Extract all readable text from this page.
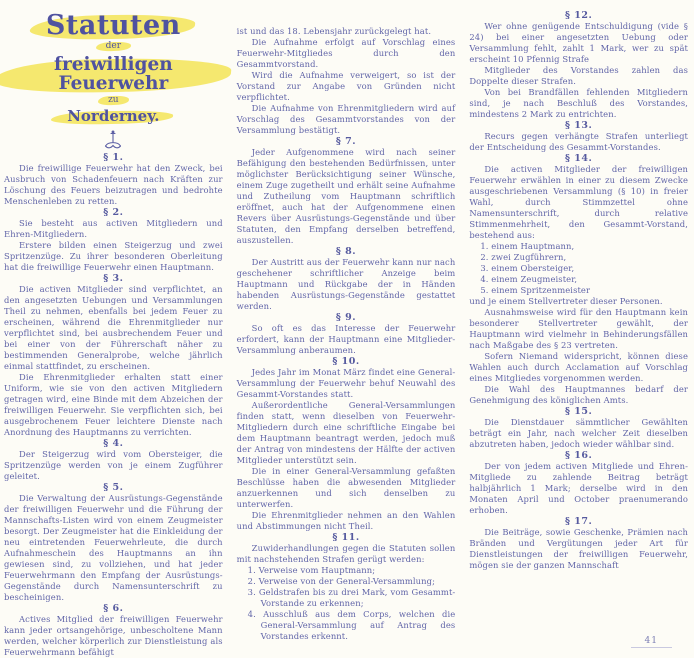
Statuten
der
freiwilligen Feuerwehr
zu
Norderney.
§ 1.

Die freiwillige Feuerwehr hat den Zweck, bei Ausbruch von Schadenfeuern nach Kräften zur Löschung des Feuers beizutragen und bedrohte Menschenleben zu retten.

§ 2.

Sie besteht aus activen Mitgliedern und Ehren-Mitgliedern.

Erstere bilden einen Steigerzug und zwei Spritzenzüge. Zu ihrer besonderen Oberleitung hat die freiwillige Feuerwehr einen Hauptmann.

§ 3.

Die activen Mitglieder sind verpflichtet, an den angesetzten Uebungen und Versammlungen Theil zu nehmen, ebenfalls bei jedem Feuer zu erscheinen, während die Ehrenmitglieder nur verpflichtet sind, bei ausbrechendem Feuer und bei einer von der Führerschaft näher zu bestimmenden Generalprobe, welche jährlich einmal stattfindet, zu erscheinen.

Die Ehrenmitglieder erhalten statt einer Uniform, wie sie von den activen Mitgliedern getragen wird, eine Binde mit dem Abzeichen der freiwilligen Feuerwehr. Sie verpflichten sich, bei ausgebrochenem Feuer leichtere Dienste nach Anordnung des Hauptmanns zu verrichten.

§ 4.

Der Steigerzug wird vom Obersteiger, die Spritzenzüge werden von je einem Zugführer geleitet.

§ 5.

Die Verwaltung der Ausrüstungs-Gegenstände der freiwilligen Feuerwehr und die Führung der Mannschafts-Listen wird von einem Zeugmeister besorgt. Der Zeugmeister hat die Einkleidung der neu eintretenden Feuerwehrleute, die durch Aufnahmeschein des Hauptmanns an ihn gewiesen sind, zu vollziehen, und hat jeder Feuerwehrmann den Empfang der Ausrüstungs-Gegenstände durch Namensunterschrift zu bescheinigen.

§ 6.

Actives Mitglied der freiwilligen Feuerwehr kann jeder ortsangehörige, unbescholtene Mann werden, welcher körperlich zur Dienstleistung als Feuerwehrmann befähigt

ist und das 18. Lebensjahr zurückgelegt hat.

Die Aufnahme erfolgt auf Vorschlag eines Feuerwehr-Mitgliedes durch den Gesammtvorstand.

Wird die Aufnahme verweigert, so ist der Vorstand zur Angabe von Gründen nicht verpflichtet.

Die Aufnahme von Ehrenmitgliedern wird auf Vorschlag des Gesammtvorstandes von der Versammlung bestätigt.

§ 7.

Jeder Aufgenommene wird nach seiner Befähigung den bestehenden Bedürfnissen, unter möglichster Berücksichtigung seiner Wünsche, einem Zuge zugetheilt und erhält seine Aufnahme und Zutheilung vom Hauptmann schriftlich eröffnet, auch hat der Aufgenommene einen Revers über Ausrüstungs-Gegenstände und über Statuten, den Empfang derselben betreffend, auszustellen.

§ 8.

Der Austritt aus der Feuerwehr kann nur nach geschehener schriftlicher Anzeige beim Hauptmann und Rückgabe der in Händen habenden Ausrüstungs-Gegenstände gestattet werden.

§ 9.

So oft es das Interesse der Feuerwehr erfordert, kann der Hauptmann eine Mitglieder-Versammlung anberaumen.

§ 10.

Jedes Jahr im Monat März findet eine General-Versammlung der Feuerwehr behuf Neuwahl des Gesammt-Vorstandes statt.

Außerordentliche General-Versammlungen finden statt, wenn dieselben von Feuerwehr-Mitgliedern durch eine schriftliche Eingabe bei dem Hauptmann beantragt werden, jedoch muß der Antrag von mindestens der Hälfte der activen Mitglieder unterstützt sein.

Die in einer General-Versammlung gefaßten Beschlüsse haben die abwesenden Mitglieder anzuerkennen und sich denselben zu unterwerfen.

Die Ehrenmitglieder nehmen an den Wahlen und Abstimmungen nicht Theil.

§ 11.

Zuwiderhandlungen gegen die Statuten sollen mit nachstehenden Strafen gerügt werden:

1. Verweise vom Hauptmann;
2. Verweise von der General-Versammlung;
3. Geldstrafen bis zu drei Mark, vom Gesammt-Vorstande zu erkennen;
4. Ausschluß aus dem Corps, welchen die General-Versammlung auf Antrag des Vorstandes erkennt.
§ 12.

Wer ohne genügende Entschuldigung (vide § 24) bei einer angesetzten Uebung oder Versammlung fehlt, zahlt 1 Mark, wer zu spät erscheint 10 Pfennig Strafe

Mitglieder des Vorstandes zahlen das Doppelte dieser Strafen.

Von bei Brandfällen fehlenden Mitgliedern sind, je nach Beschluß des Vorstandes, mindestens 2 Mark zu entrichten.

§ 13.

Recurs gegen verhängte Strafen unterliegt der Entscheidung des Gesammt-Vorstandes.

§ 14.

Die activen Mitglieder der freiwilligen Feuerwehr erwählen in einer zu diesem Zwecke ausgeschriebenen Versammlung (§ 10) in freier Wahl, durch Stimmzettel ohne Namensunterschrift, durch relative Stimmenmehrheit, den Gesammt-Vorstand, bestehend aus:

1. einem Hauptmann,
2. zwei Zugführern,
3. einem Obersteiger,
4. einem Zeugmeister,
5. einem Spritzenmeister

und je einem Stellvertreter dieser Personen.

Ausnahmsweise wird für den Hauptmann kein besonderer Stellvertreter gewählt, der Hauptmann wird vielmehr in Behinderungsfällen nach Maßgabe des § 23 vertreten.

Sofern Niemand widerspricht, können diese Wahlen auch durch Acclamation auf Vorschlag eines Mitgliedes vorgenommen werden.

Die Wahl des Hauptmannes bedarf der Genehmigung des königlichen Amts.

§ 15.

Die Dienstdauer sämmtlicher Gewählten beträgt ein Jahr, nach welcher Zeit dieselben abzutreten haben, jedoch wieder wählbar sind.

§ 16.

Der von jedem activen Mitgliede und Ehren-Mitgliede zu zahlende Beitrag beträgt halbjährlich 1 Mark; derselbe wird in den Monaten April und October praenumerando erhoben.

§ 17.

Die Beiträge, sowie Geschenke, Prämien nach Bränden und Vergütungen jeder Art für Dienstleistungen der freiwilligen Feuerwehr, mögen sie der ganzen Mannschaft

41
